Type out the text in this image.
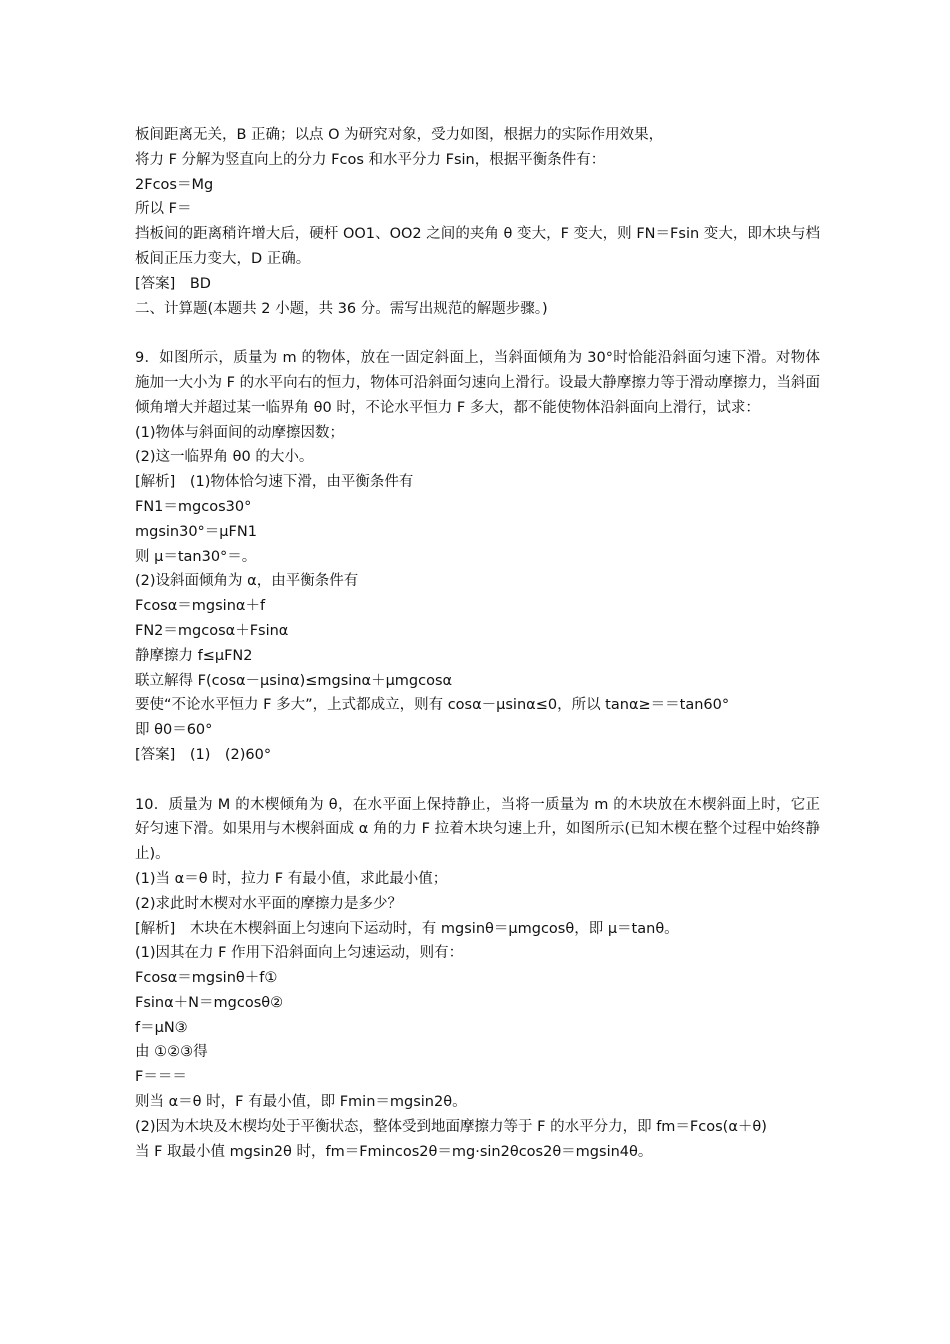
板间距离无关，B 正确；以点 O 为研究对象，受力如图，根据力的实际作用效果，
将力 F 分解为竖直向上的分力 Fcos 和水平分力 Fsin，根据平衡条件有：
2Fcos＝Mg
所以 F＝
挡板间的距离稍许增大后，硬杆 OO1、OO2 之间的夹角 θ 变大，F 变大，则 FN＝Fsin 变大，即木块与档板间正压力变大，D 正确。
[答案]　BD
二、计算题(本题共 2 小题，共 36 分。需写出规范的解题步骤。)
9．如图所示，质量为 m 的物体，放在一固定斜面上，当斜面倾角为 30°时恰能沿斜面匀速下滑。对物体施加一大小为 F 的水平向右的恒力，物体可沿斜面匀速向上滑行。设最大静摩擦力等于滑动摩擦力，当斜面倾角增大并超过某一临界角 θ0 时，不论水平恒力 F 多大，都不能使物体沿斜面向上滑行，试求：
(1)物体与斜面间的动摩擦因数；
(2)这一临界角 θ0 的大小。
[解析]　(1)物体恰匀速下滑，由平衡条件有
FN1＝mgcos30°
mgsin30°＝μFN1
则 μ＝tan30°＝。
(2)设斜面倾角为 α，由平衡条件有
Fcosα＝mgsinα＋f
FN2＝mgcosα＋Fsinα
静摩擦力 f≤μFN2
联立解得 F(cosα－μsinα)≤mgsinα＋μmgcosα
要使“不论水平恒力 F 多大”，上式都成立，则有 cosα－μsinα≤0，所以 tanα≥＝＝tan60°
即 θ0＝60°
[答案]　(1)　(2)60°
10．质量为 M 的木楔倾角为 θ，在水平面上保持静止，当将一质量为 m 的木块放在木楔斜面上时，它正好匀速下滑。如果用与木楔斜面成 α 角的力 F 拉着木块匀速上升，如图所示(已知木楔在整个过程中始终静止)。
(1)当 α＝θ 时，拉力 F 有最小值，求此最小值；
(2)求此时木楔对水平面的摩擦力是多少？
[解析]　木块在木楔斜面上匀速向下运动时，有 mgsinθ＝μmgcosθ，即 μ＝tanθ。
(1)因其在力 F 作用下沿斜面向上匀速运动，则有：
Fcosα＝mgsinθ＋f①
Fsinα＋N＝mgcosθ②
f＝μN③
由 ①②③得
F＝＝＝
则当 α＝θ 时，F 有最小值，即 Fmin＝mgsin2θ。
(2)因为木块及木楔均处于平衡状态，整体受到地面摩擦力等于 F 的水平分力，即 fm＝Fcos(α＋θ)
当 F 取最小值 mgsin2θ 时，fm＝Fmincos2θ＝mg·sin2θcos2θ＝mgsin4θ。
